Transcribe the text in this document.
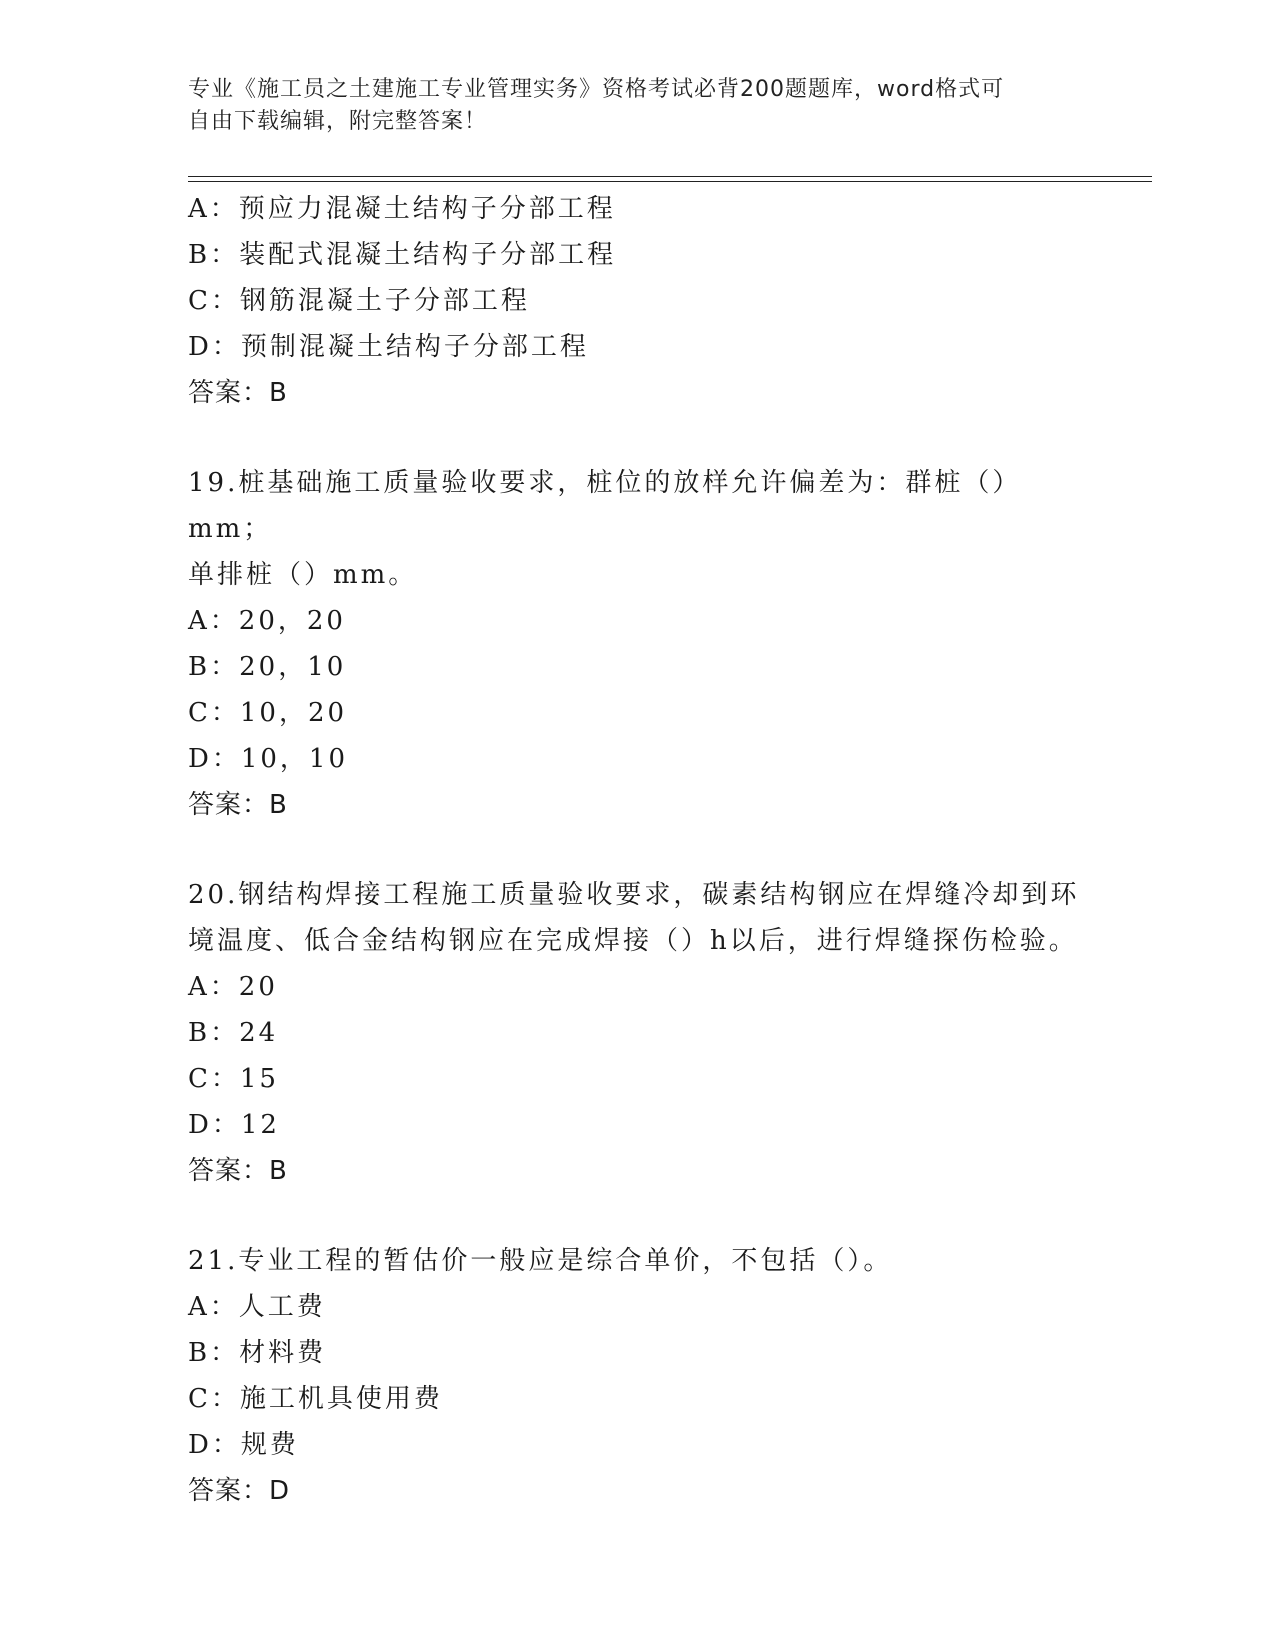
专业《施工员之土建施工专业管理实务》资格考试必背200题题库，word格式可
自由下载编辑，附完整答案！
A：预应力混凝土结构子分部工程
B：装配式混凝土结构子分部工程
C：钢筋混凝土子分部工程
D：预制混凝土结构子分部工程
答案：B
19.桩基础施工质量验收要求，桩位的放样允许偏差为：群桩（）mm；
单排桩（）mm。
A：20，20
B：20，10
C：10，20
D：10，10
答案：B
20.钢结构焊接工程施工质量验收要求，碳素结构钢应在焊缝冷却到环
境温度、低合金结构钢应在完成焊接（）h以后，进行焊缝探伤检验。
A：20
B：24
C：15
D：12
答案：B
21.专业工程的暂估价一般应是综合单价，不包括（）。
A：人工费
B：材料费
C：施工机具使用费
D：规费
答案：D
